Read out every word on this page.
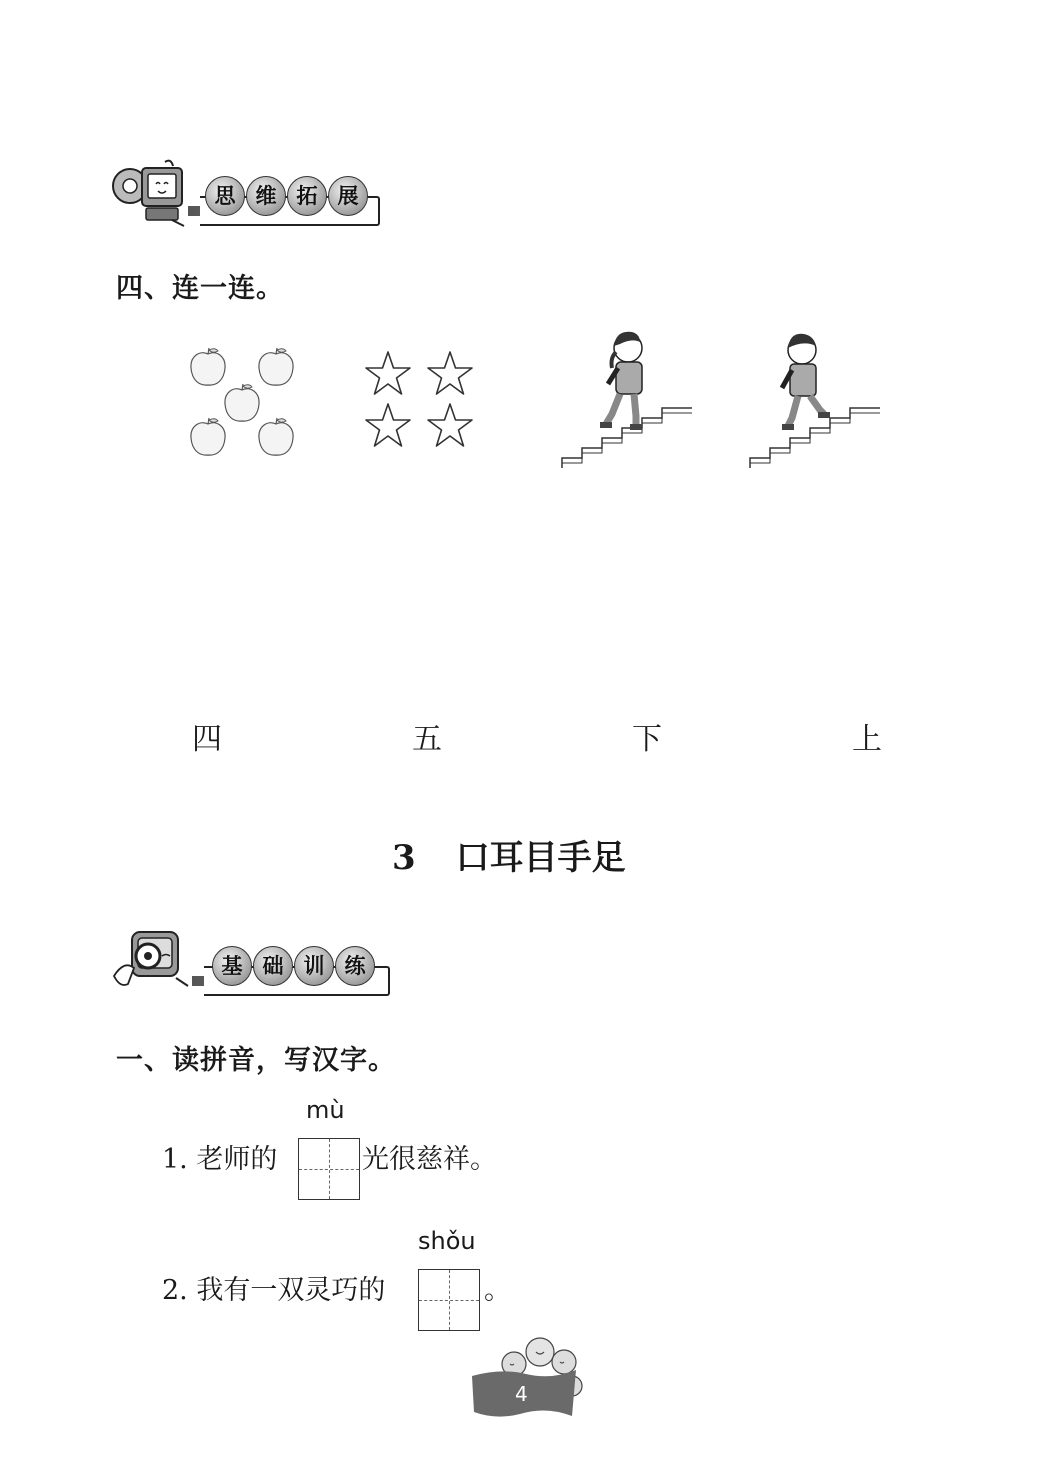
思 维 拓 展
四、连一连。
四	五	下	上
3 口耳目手足
基 础 训 练
一、读拼音，写汉字。
mù
1. 老师的	光很慈祥。
shǒu
2. 我有一双灵巧的	。
4
